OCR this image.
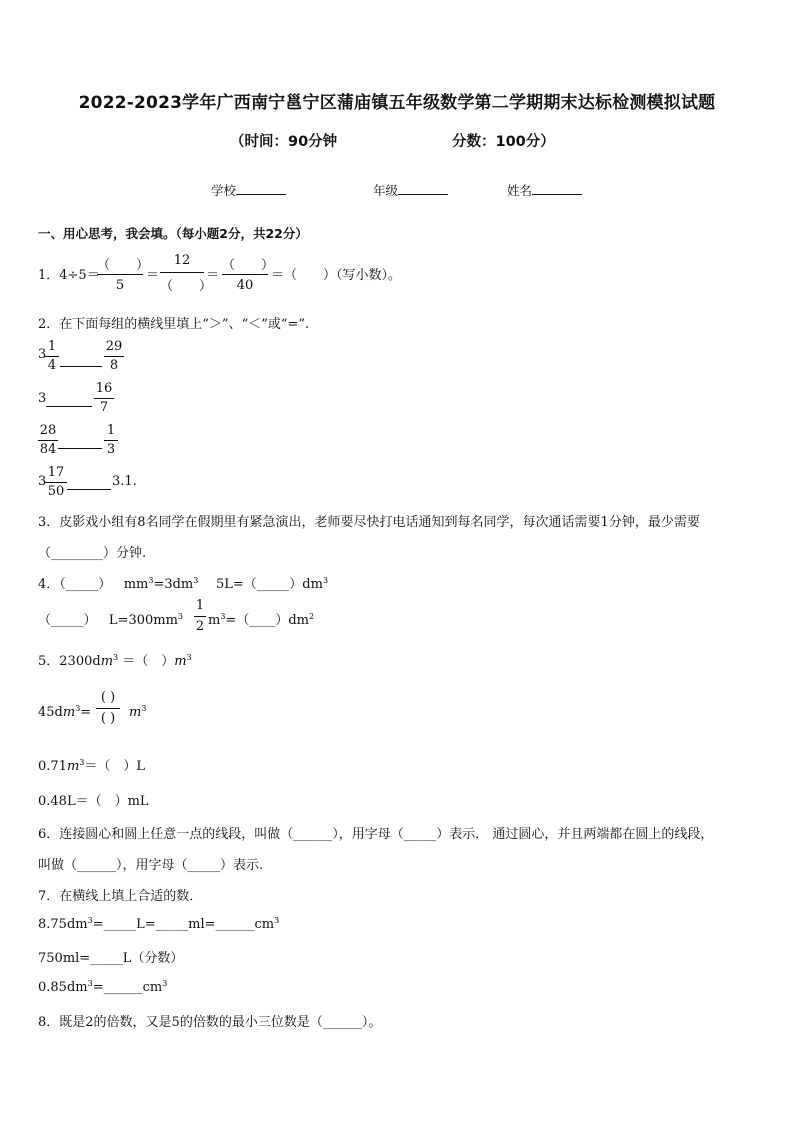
2022-2023学年广西南宁邕宁区蒲庙镇五年级数学第二学期期末达标检测模拟试题
（时间：90分钟	分数：100分）
学校	年级	姓名
一、用心思考，我会填。（每小题2分，共22分）
1．4÷5＝
（　　）
5
＝
12
（　　）
＝
（　　）
40
＝（　　）（写小数）。
2．在下面每组的横线里填上“＞”、“＜”或“=”.
3
1
4
29
8
3
16
7
28
84
1
3
3
17
50
3.1.
3．皮影戏小组有8名同学在假期里有紧急演出，老师要尽快打电话通知到每名同学，每次通话需要1分钟，最少需要
（________）分钟.
4．（_____） $mm^3=3dm^3$ $5L=(\_\_\_\_\_)dm^3$
（_____） $L=300mm^3$
1
2 $m^3=(\_\_\_\_)dm^2$
5．$2300dm^3$ ＝（　）$m^3$
$45dm^3=$
( )
( )	$m^3$
$0.71m^3=$（　）L
0.48L＝（　）mL
6．连接圆心和圆上任意一点的线段，叫做（______），用字母（_____）表示． 通过圆心，并且两端都在圆上的线段，
叫做（______），用字母（_____）表示.
7．在横线上填上合适的数．
$8.75dm^3=\_\_\_\_\_L=\_\_\_\_\_ml=\_\_\_\_\_\_cm^3$
750ml=_____L（分数）
$0.85dm^3=\_\_\_\_\_\_cm^3$
8．既是2的倍数，又是5的倍数的最小三位数是（______）。
